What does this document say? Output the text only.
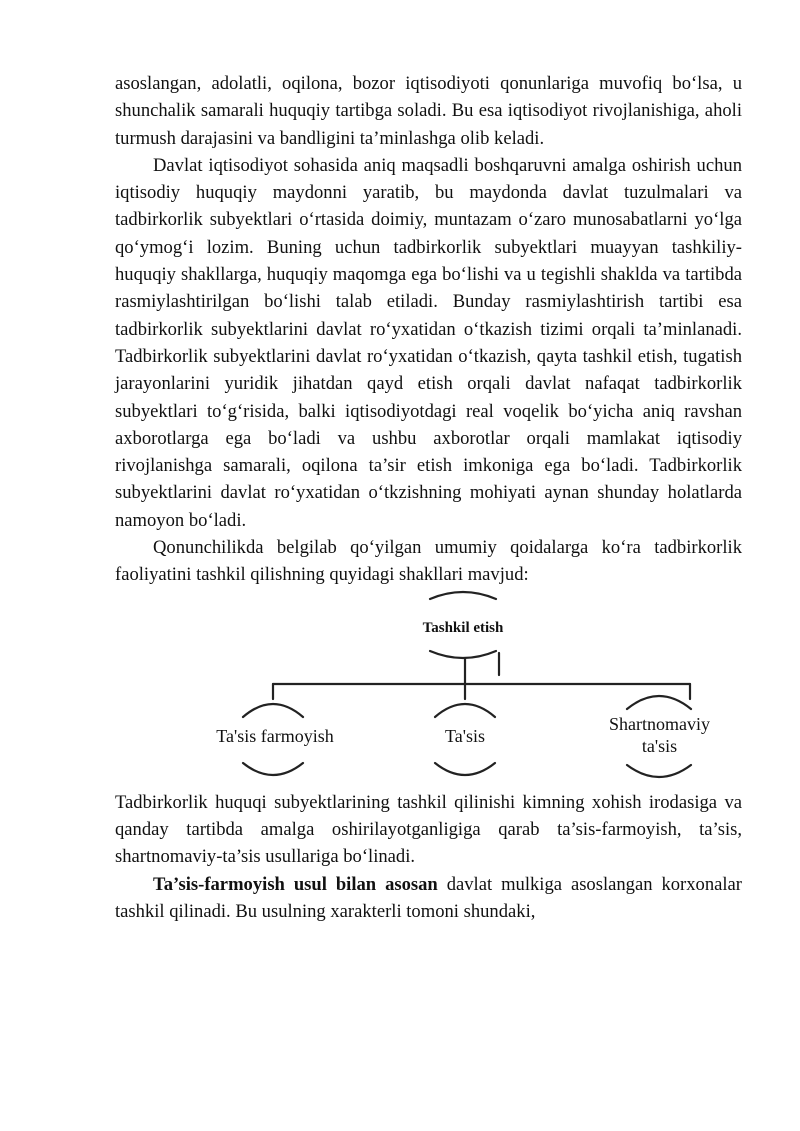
asoslangan, adolatli, oqilona, bozor iqtisodiyoti qonunlariga muvofiq bo‘lsa, u shunchalik samarali huquqiy tartibga soladi. Bu esa iqtisodiyot rivojlanishiga, aholi turmush darajasini va bandligini ta’minlashga olib keladi.

Davlat iqtisodiyot sohasida aniq maqsadli boshqaruvni amalga oshirish uchun iqtisodiy huquqiy maydonni yaratib, bu maydonda davlat tuzulmalari va tadbirkorlik subyektlari o‘rtasida doimiy, muntazam o‘zaro munosabatlarni yo‘lga qo‘ymog‘i lozim. Buning uchun tadbirkorlik subyektlari muayyan tashkiliy-huquqiy shakllarga, huquqiy maqomga ega bo‘lishi va u tegishli shaklda va tartibda rasmiylashtirilgan bo‘lishi talab etiladi. Bunday rasmiylashtirish tartibi esa tadbirkorlik subyektlarini davlat ro‘yxatidan o‘tkazish tizimi orqali ta’minlanadi. Tadbirkorlik subyektlarini davlat ro‘yxatidan o‘tkazish, qayta tashkil etish, tugatish jarayonlarini yuridik jihatdan qayd etish orqali davlat nafaqat tadbirkorlik subyektlari to‘g‘risida, balki iqtisodiyotdagi real voqelik bo‘yicha aniq ravshan axborotlarga ega bo‘ladi va ushbu axborotlar orqali mamlakat iqtisodiy rivojlanishga samarali, oqilona ta’sir etish imkoniga ega bo‘ladi. Tadbirkorlik subyektlarini davlat ro‘yxatidan o‘tkzishning mohiyati aynan shunday holatlarda namoyon bo‘ladi.

Qonunchilikda belgilab qo‘yilgan umumiy qoidalarga ko‘ra tadbirkorlik faoliyatini tashkil qilishning quyidagi shakllari mavjud:

Tashkil etish
Ta'sis farmoyish	Ta'sis
Shartnomaviy
ta'sis

Tadbirkorlik huquqi subyektlarining tashkil qilinishi kimning xohish irodasiga va qanday tartibda amalga oshirilayotganligiga qarab ta’sis-farmoyish, ta’sis, shartnomaviy-ta’sis usullariga bo‘linadi.

Ta’sis-farmoyish usul bilan asosan davlat mulkiga asoslangan korxonalar tashkil qilinadi. Bu usulning xarakterli tomoni shundaki,
